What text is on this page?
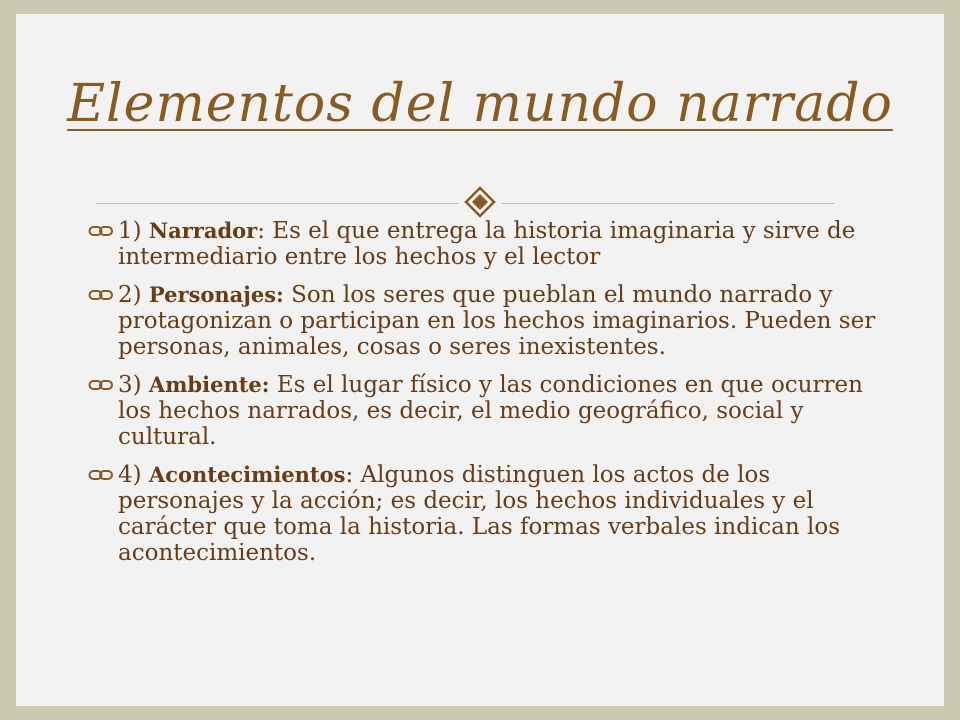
Elementos del mundo narrado
1) Narrador: Es el que entrega la historia imaginaria y sirve de intermediario entre los hechos y el lector
2) Personajes: Son los seres que pueblan el mundo narrado y protagonizan o participan en los hechos imaginarios. Pueden ser personas, animales, cosas o seres inexistentes.
3) Ambiente: Es el lugar físico y las condiciones en que ocurren los hechos narrados, es decir, el medio geográfico, social y cultural.
4) Acontecimientos: Algunos distinguen los actos de los personajes y la acción; es decir, los hechos individuales y el carácter que toma la historia. Las formas verbales indican los acontecimientos.
